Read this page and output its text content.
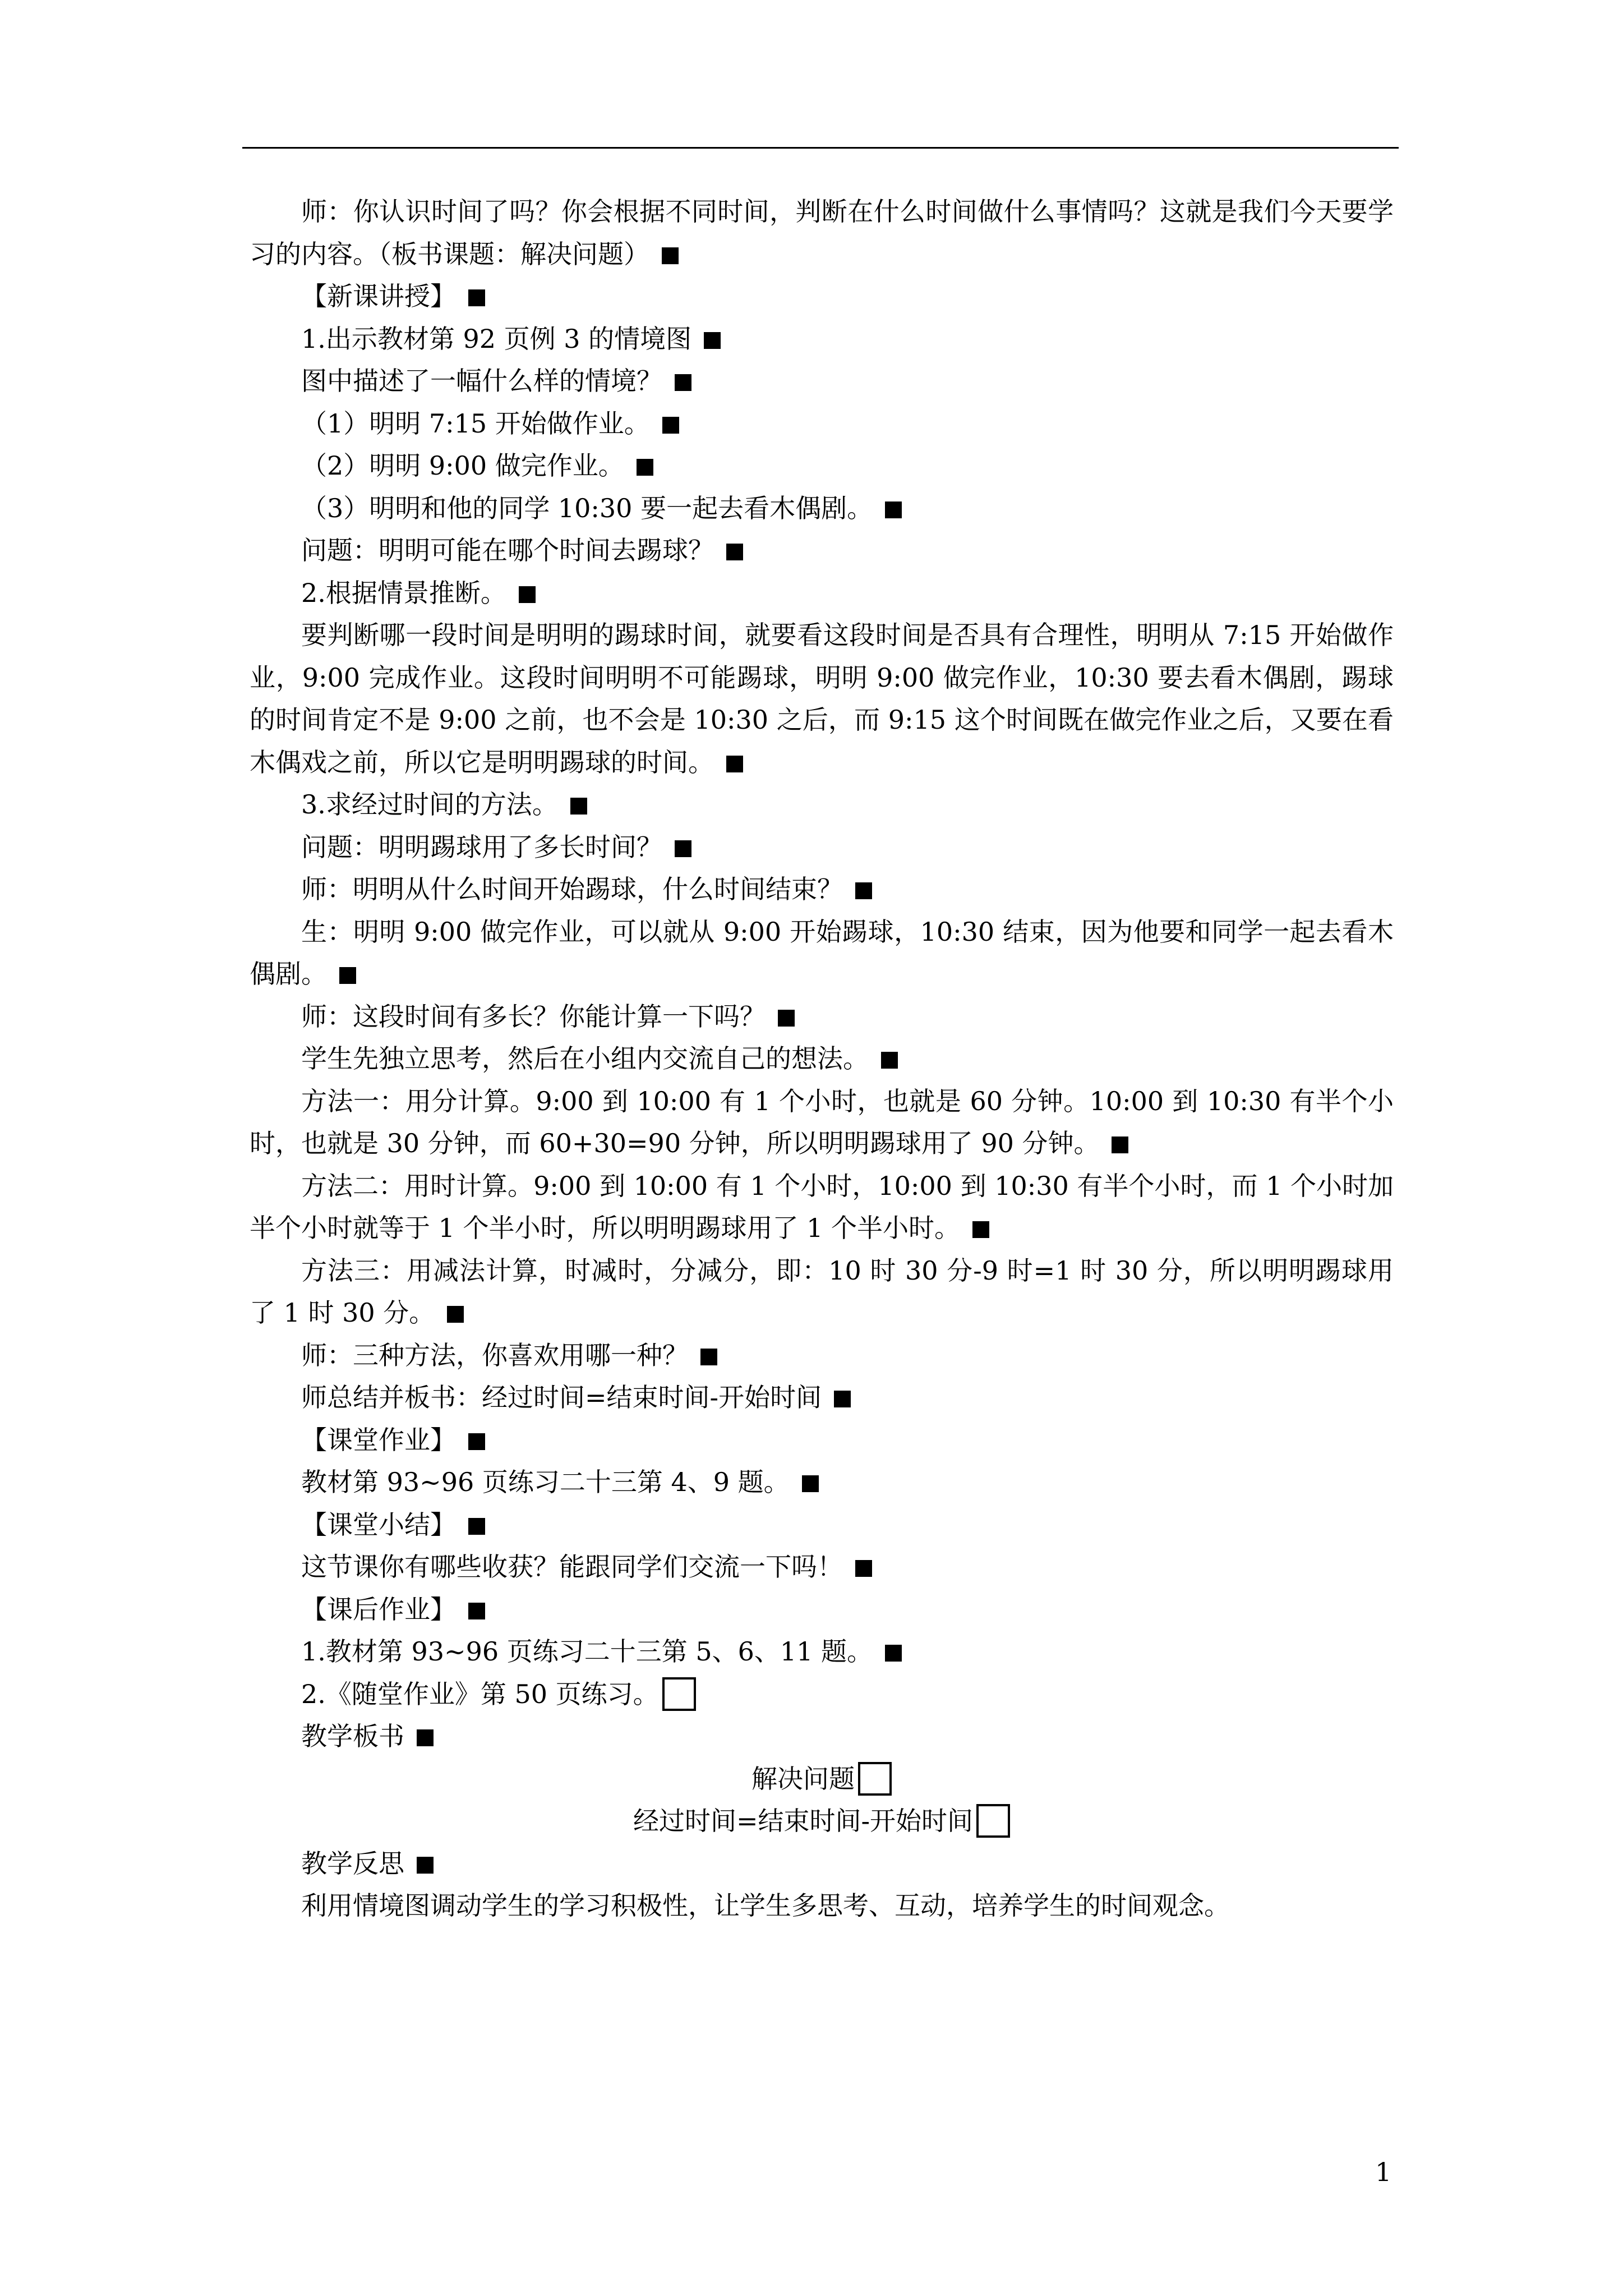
师：你认识时间了吗？你会根据不同时间，判断在什么时间做什么事情吗？这就是我们今天要学习的内容。（板书课题：解决问题）

【新课讲授】

1.出示教材第 92 页例 3 的情境图

图中描述了一幅什么样的情境？

（1）明明 7:15 开始做作业。

（2）明明 9:00 做完作业。

（3）明明和他的同学 10:30 要一起去看木偶剧。

问题：明明可能在哪个时间去踢球？

2.根据情景推断。

要判断哪一段时间是明明的踢球时间，就要看这段时间是否具有合理性，明明从 7:15 开始做作业，9:00 完成作业。这段时间明明不可能踢球，明明 9:00 做完作业，10:30 要去看木偶剧，踢球的时间肯定不是 9:00 之前，也不会是 10:30 之后，而 9:15 这个时间既在做完作业之后，又要在看木偶戏之前，所以它是明明踢球的时间。

3.求经过时间的方法。

问题：明明踢球用了多长时间？

师：明明从什么时间开始踢球，什么时间结束？

生：明明 9:00 做完作业，可以就从 9:00 开始踢球，10:30 结束，因为他要和同学一起去看木偶剧。

师：这段时间有多长？你能计算一下吗？

学生先独立思考，然后在小组内交流自己的想法。

方法一：用分计算。9:00 到 10:00 有 1 个小时，也就是 60 分钟。10:00 到 10:30 有半个小时，也就是 30 分钟，而 60+30=90 分钟，所以明明踢球用了 90 分钟。

方法二：用时计算。9:00 到 10:00 有 1 个小时，10:00 到 10:30 有半个小时，而 1 个小时加半个小时就等于 1 个半小时，所以明明踢球用了 1 个半小时。

方法三：用减法计算，时减时，分减分，即：10 时 30 分-9 时=1 时 30 分，所以明明踢球用了 1 时 30 分。

师：三种方法，你喜欢用哪一种？

师总结并板书：经过时间=结束时间-开始时间

【课堂作业】

教材第 93~96 页练习二十三第 4、9 题。

【课堂小结】

这节课你有哪些收获？能跟同学们交流一下吗！

【课后作业】

1.教材第 93~96 页练习二十三第 5、6、11 题。

2.《随堂作业》第 50 页练习。

教学板书

解决问题

经过时间=结束时间-开始时间

教学反思

利用情境图调动学生的学习积极性，让学生多思考、互动，培养学生的时间观念。

1
